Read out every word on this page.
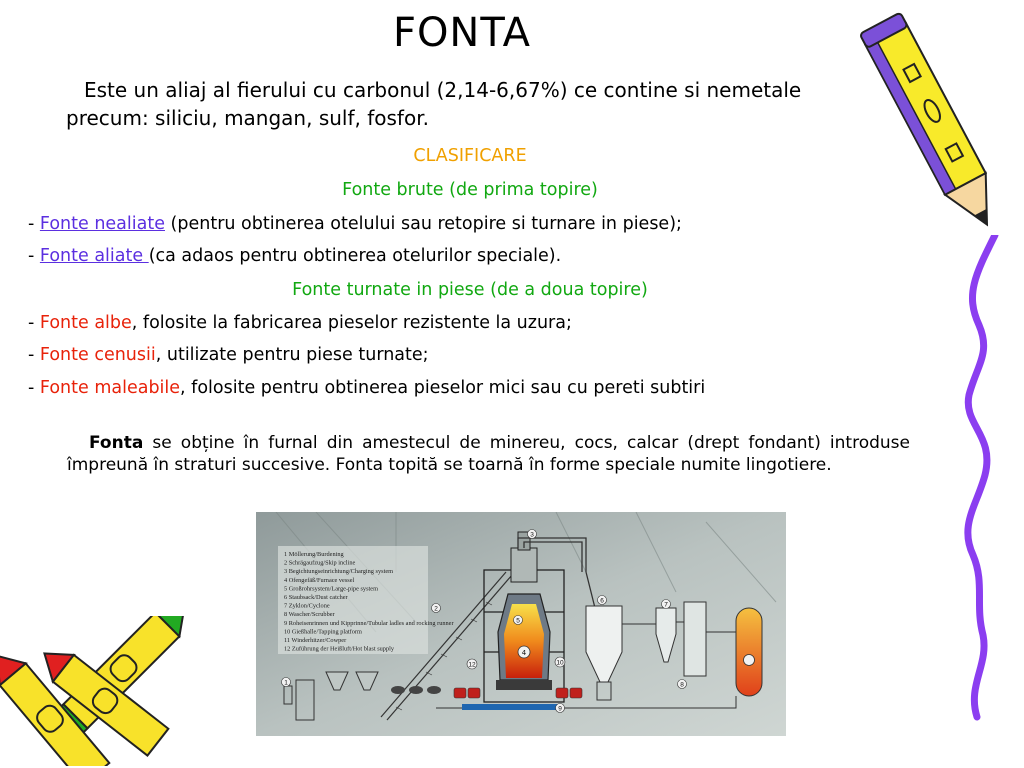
FONTA
Este un aliaj al fierului cu carbonul (2,14-6,67%) ce contine si nemetale precum: siliciu, mangan, sulf, fosfor.
CLASIFICARE
Fonte brute (de prima topire)
- Fonte nealiate (pentru obtinerea otelului sau retopire si turnare in piese);
- Fonte aliate (ca adaos pentru obtinerea otelurilor speciale).
Fonte turnate in piese (de a doua topire)
- Fonte albe, folosite la fabricarea pieselor rezistente la uzura;
- Fonte cenusii, utilizate pentru piese turnate;
- Fonte maleabile, folosite pentru obtinerea pieselor mici sau cu pereti subtiri
Fonta se obține în furnal din amestecul de minereu, cocs, calcar (drept fondant) introduse împreună în straturi succesive. Fonta topită se toarnă în forme speciale numite lingotiere.
1 Möllerung/Burdening
2 Schrägaufzug/Skip incline
3 Begichtungseinrichtung/Charging system
4 Ofengefäß/Furnace vessel
5 Großrohrsystem/Large-pipe system
6 Staubsack/Dust catcher
7 Zyklon/Cyclone
8 Wascher/Scrubber
9 Roheisenrinnen und Kipprinne/Tubular ladles and rocking runner
10 Gießhalle/Tapping platform
11 Winderhitzer/Cowper
12 Zuführung der Heißluft/Hot blast supply	4
3
2
6
7
8
10
9
12
1
5
